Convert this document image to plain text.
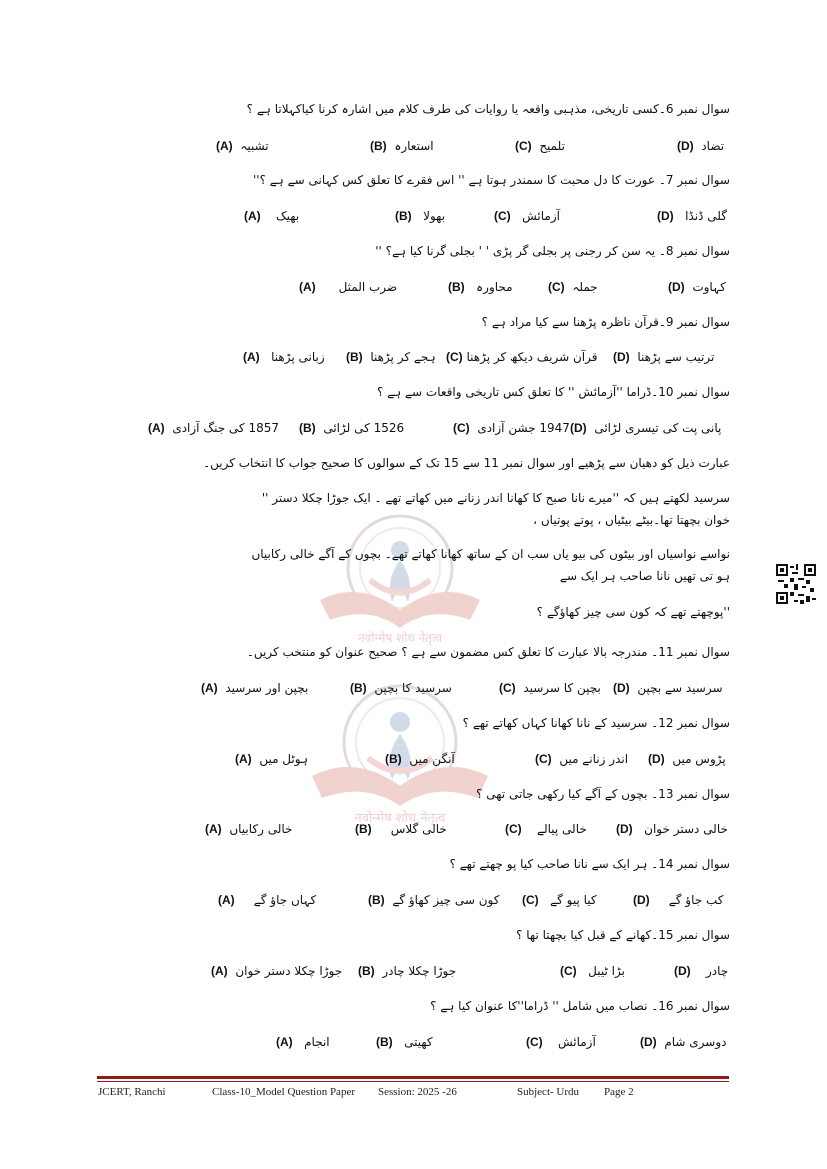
नवोन्मेष शोध नेतृत्व
नवोन्मेष शोध नेतृत्व
سوال نمبر 6۔کسی تاریخی، مذہبی واقعہ یا روایات کی طرف کلام میں اشارہ کرنا کیاکہلاتا ہے ؟
(A) تشبیہ	(B) استعارہ	(C) تلمیح	(D) تضاد
سوال نمبر 7۔ عورت کا دل محبت کا سمندر ہوتا ہے '' اس فقرے کا تعلق کس کہانی سے ہے ؟''
(A) بھیک	(B) بھولا	(C) آزمائش	(D) گلی ڈنڈا
سوال نمبر 8۔ یہ سن کر رجنی پر بجلی گر پڑی ' ' بجلی گرنا کیا ہے؟ ''
(A) ضرب المثل	(B) محاورہ	(C) جملہ	(D) کہاوت
سوال نمبر 9۔قرآن ناظرہ پڑھنا سے کیا مراد ہے ؟
(A) زبانی پڑھنا (B) ہجے کر پڑھنا (C) قرآن شریف دیکھ کر پڑھنا (D) ترتیب سے پڑھنا
سوال نمبر 10۔ڈراما ''آزمائش '' کا تعلق کس تاریخی واقعات سے ہے ؟
(A) 1857 کی جنگ آزادی (B) 1526 کی لڑائی	(C) 1947 جشن آزادی (D) پانی پت کی تیسری لڑائی
عبارت ذیل کو دھیان سے پڑھیے اور سوال نمبر 11 سے 15 تک کے سوالوں کا صحیح جواب کا انتخاب کریں۔
سرسید لکھتے ہیں کہ ''میرے نانا صبح کا کھانا اندر زنانے میں کھاتے تھے ۔ ایک جوڑا چکلا دستر ''
خوان بچھتا تھا۔بیٹے بیٹیاں ، پوتے پوتیاں ،
نواسے نواسیاں اور بیٹوں کی بیو یاں سب ان کے ساتھ کھانا کھاتے تھے۔ بچوں کے آگے خالی رکابیاں
ہو تی تھیں نانا صاحب ہر ایک سے
''پوچھتے تھے کہ کون سی چیز کھاؤگے ؟
سوال نمبر 11۔ مندرجہ بالا عبارت کا تعلق کس مضمون سے ہے ؟ صحیح عنوان کو منتخب کریں۔
(A) بچپن اور سرسید	(B) سرسید کا بچپن	(C) بچپن کا سرسید (D) سرسید سے بچپن
سوال نمبر 12۔ سرسید کے نانا کھانا کہاں کھاتے تھے ؟
(A) ہوٹل میں	(B) آنگن میں	(C) اندر زنانے میں (D) پڑوس میں
سوال نمبر 13۔ بچوں کے آگے کیا رکھی جاتی تھی ؟
(A) خالی رکابیاں	(B) خالی گلاس	(C) خالی پیالے (D) خالی دستر خوان
سوال نمبر 14۔ ہر ایک سے نانا صاحب کیا پو چھتے تھے ؟
(A) کہاں جاؤ گے	(B) کون سی چیز کھاؤ گے (C) کیا پیو گے	(D) کب جاؤ گے
سوال نمبر 15۔کھانے کے قبل کیا بچھتا تھا ؟
(A) جوڑا چکلا دستر خوان (B) جوڑا چکلا چادر	(C) بڑا ٹیبل	(D) چادر
سوال نمبر 16۔ نصاب میں شامل '' ڈراما''کا عنوان کیا ہے ؟
(A) انجام	(B) کھیتی	(C) آزمائش	(D) دوسری شام
JCERT, Ranchi	Class-10_Model Question Paper Session: 2025 -26	Subject- Urdu Page 2
